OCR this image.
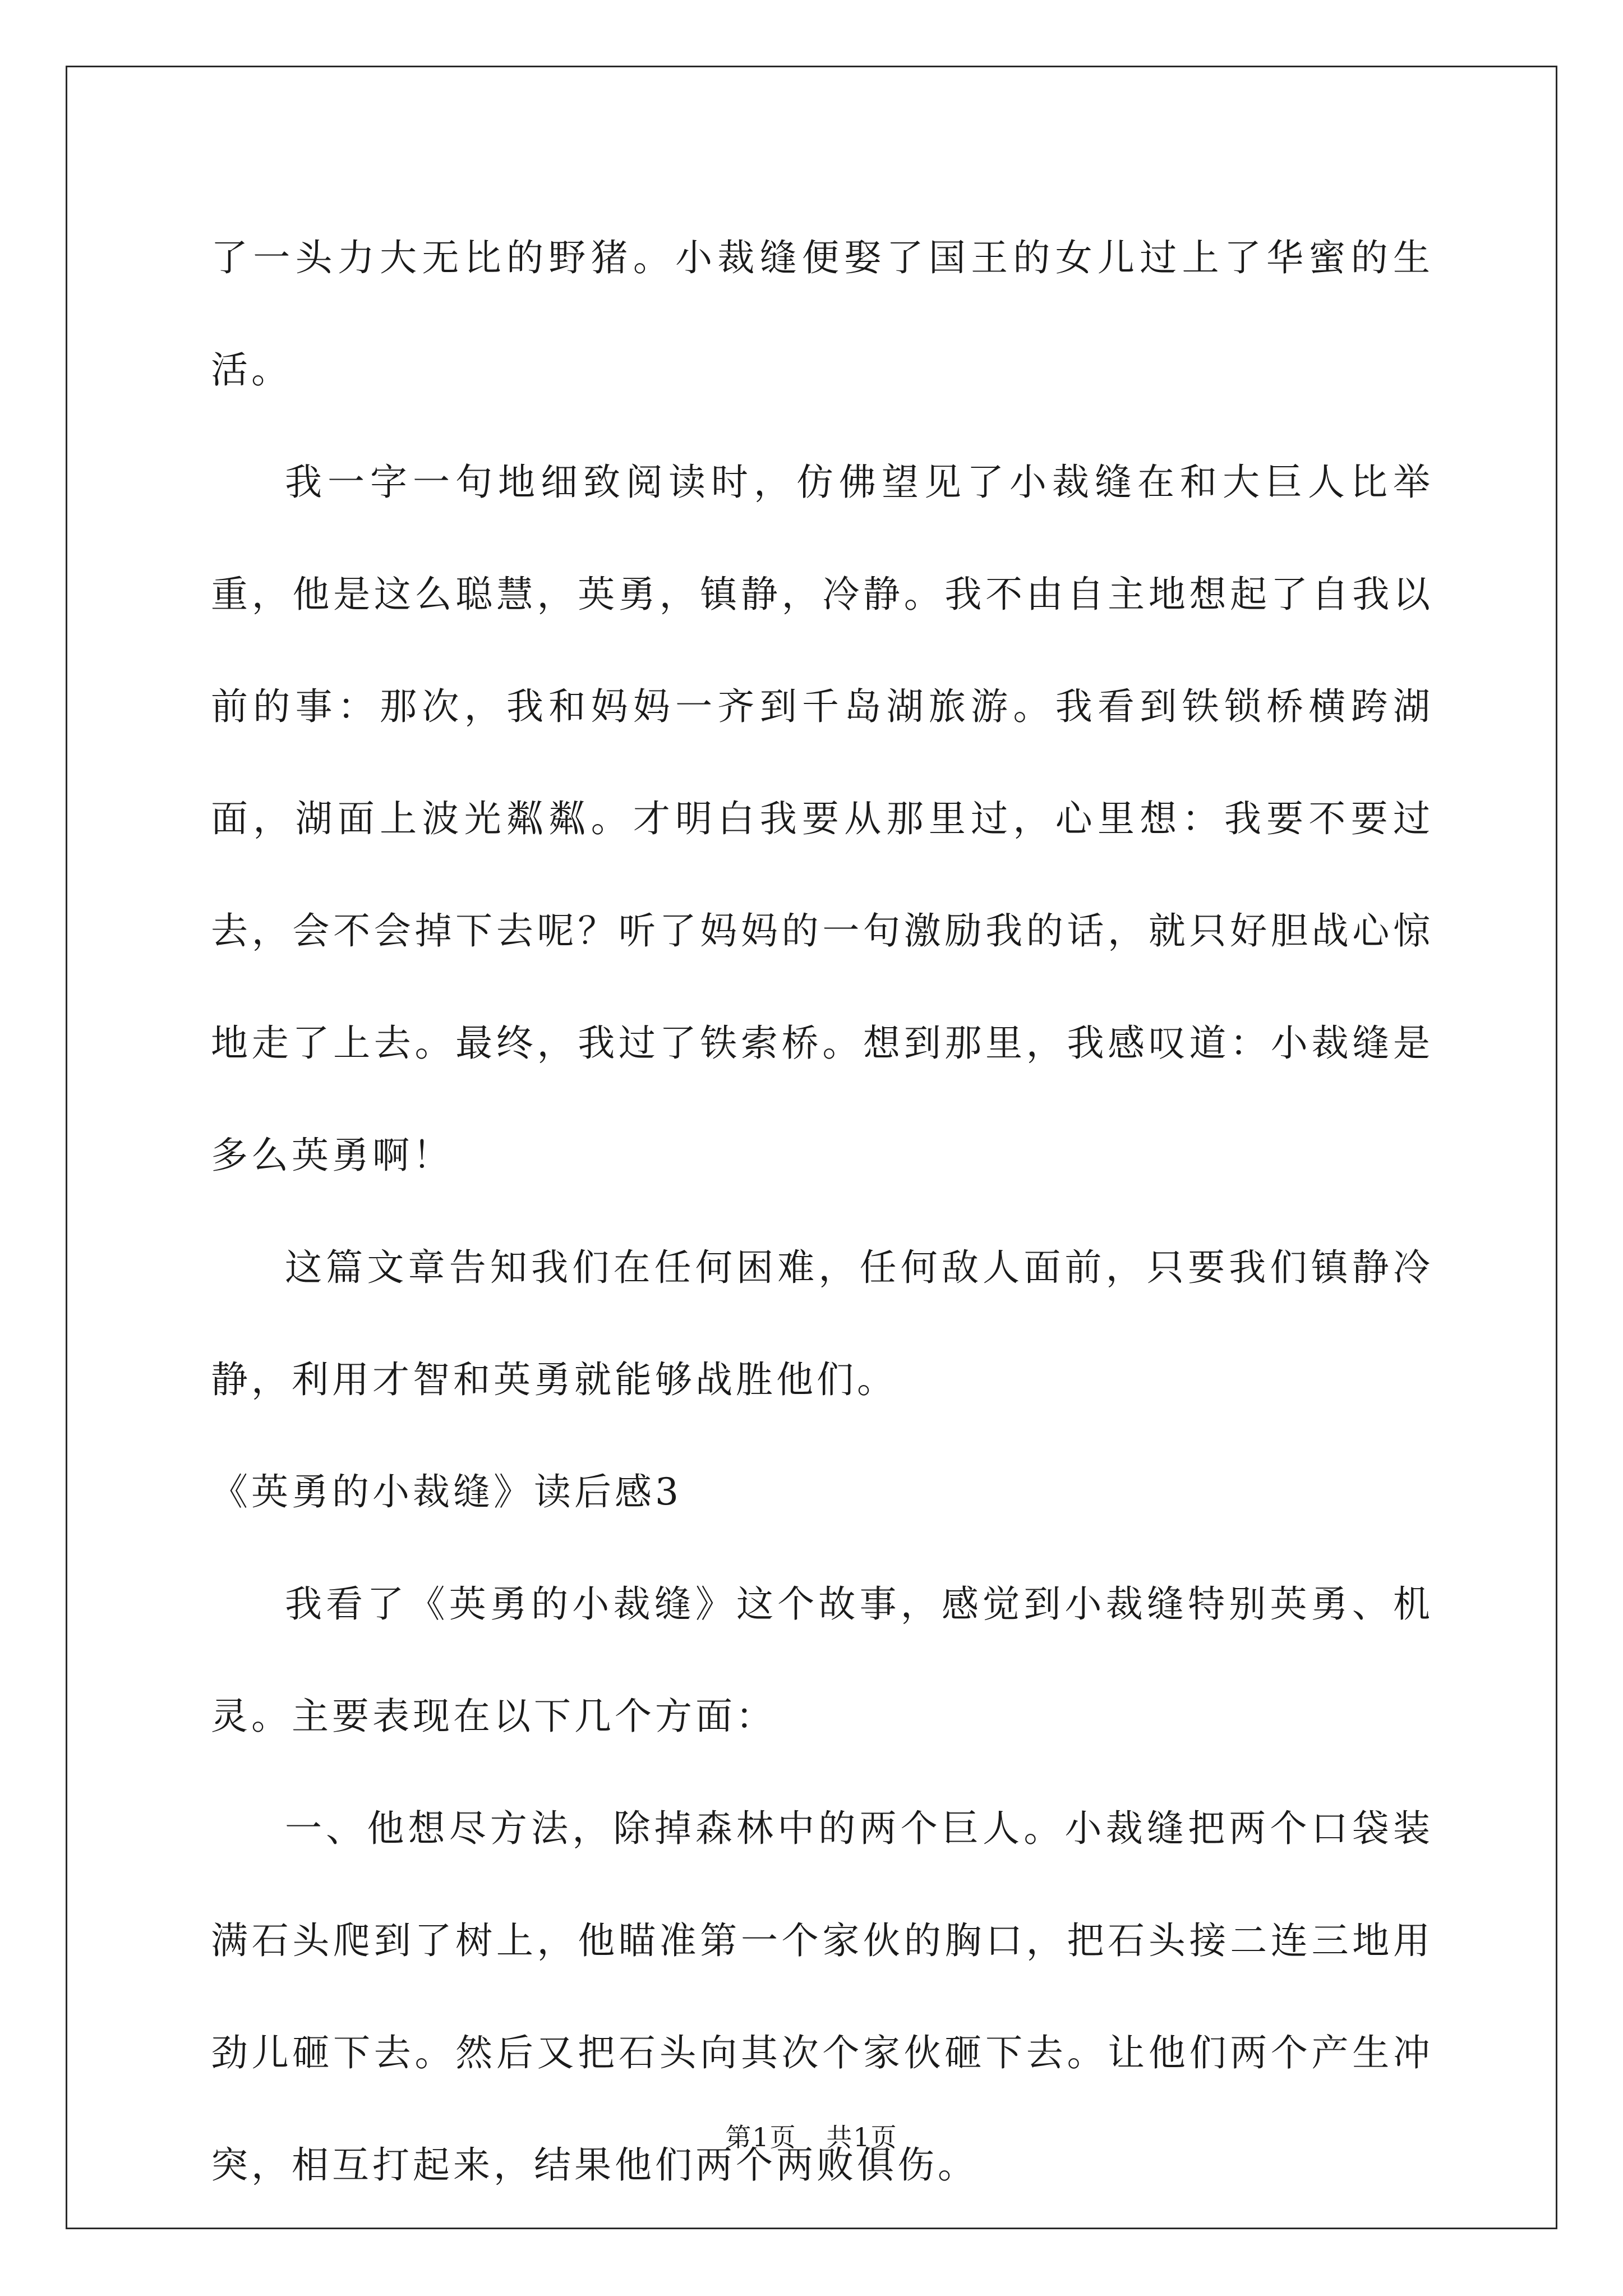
了一头力大无比的野猪。小裁缝便娶了国王的女儿过上了华蜜的生活。

我一字一句地细致阅读时，仿佛望见了小裁缝在和大巨人比举重，他是这么聪慧，英勇，镇静，冷静。我不由自主地想起了自我以前的事：那次，我和妈妈一齐到千岛湖旅游。我看到铁锁桥横跨湖面，湖面上波光粼粼。才明白我要从那里过，心里想：我要不要过去，会不会掉下去呢？听了妈妈的一句激励我的话，就只好胆战心惊地走了上去。最终，我过了铁索桥。想到那里，我感叹道：小裁缝是多么英勇啊！

这篇文章告知我们在任何困难，任何敌人面前，只要我们镇静冷静，利用才智和英勇就能够战胜他们。

《英勇的小裁缝》读后感3

我看了《英勇的小裁缝》这个故事，感觉到小裁缝特别英勇、机灵。主要表现在以下几个方面：

一、他想尽方法，除掉森林中的两个巨人。小裁缝把两个口袋装满石头爬到了树上，他瞄准第一个家伙的胸口，把石头接二连三地用劲儿砸下去。然后又把石头向其次个家伙砸下去。让他们两个产生冲突，相互打起来，结果他们两个两败俱伤。

第1页 共1页
